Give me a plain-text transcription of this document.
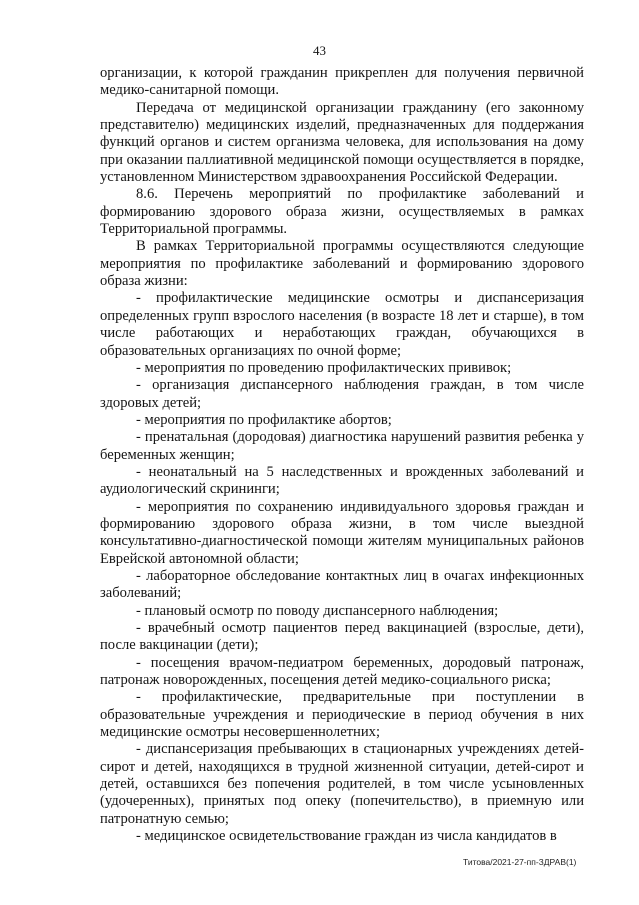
43

организации, к которой гражданин прикреплен для получения первичной медико-санитарной помощи.

Передача от медицинской организации гражданину (его законному представителю) медицинских изделий, предназначенных для поддержания функций органов и систем организма человека, для использования на дому при оказании паллиативной медицинской помощи осуществляется в порядке, установленном Министерством здравоохранения Российской Федерации.

8.6. Перечень мероприятий по профилактике заболеваний и формированию здорового образа жизни, осуществляемых в рамках Территориальной программы.

В рамках Территориальной программы осуществляются следующие мероприятия по профилактике заболеваний и формированию здорового образа жизни:

- профилактические медицинские осмотры и диспансеризация определенных групп взрослого населения (в возрасте 18 лет и старше), в том числе работающих и неработающих граждан, обучающихся в образовательных организациях по очной форме;

- мероприятия по проведению профилактических прививок;

- организация диспансерного наблюдения граждан, в том числе здоровых детей;

- мероприятия по профилактике абортов;

- пренатальная (дородовая) диагностика нарушений развития ребенка у беременных женщин;

- неонатальный на 5 наследственных и врожденных заболеваний и аудиологический скрининги;

- мероприятия по сохранению индивидуального здоровья граждан и формированию здорового образа жизни, в том числе выездной консультативно-диагностической помощи жителям муниципальных районов Еврейской автономной области;

- лабораторное обследование контактных лиц в очагах инфекционных заболеваний;

- плановый осмотр по поводу диспансерного наблюдения;

- врачебный осмотр пациентов перед вакцинацией (взрослые, дети), после вакцинации (дети);

- посещения врачом-педиатром беременных, дородовый патронаж, патронаж новорожденных, посещения детей медико-социального риска;

- профилактические, предварительные при поступлении в образовательные учреждения и периодические в период обучения в них медицинские осмотры несовершеннолетних;

- диспансеризация пребывающих в стационарных учреждениях детей-сирот и детей, находящихся в трудной жизненной ситуации, детей-сирот и детей, оставшихся без попечения родителей, в том числе усыновленных (удочеренных), принятых под опеку (попечительство), в приемную или патронатную семью;

- медицинское освидетельствование граждан из числа кандидатов в

Титова/2021-27-пп-ЗДРАВ(1)
